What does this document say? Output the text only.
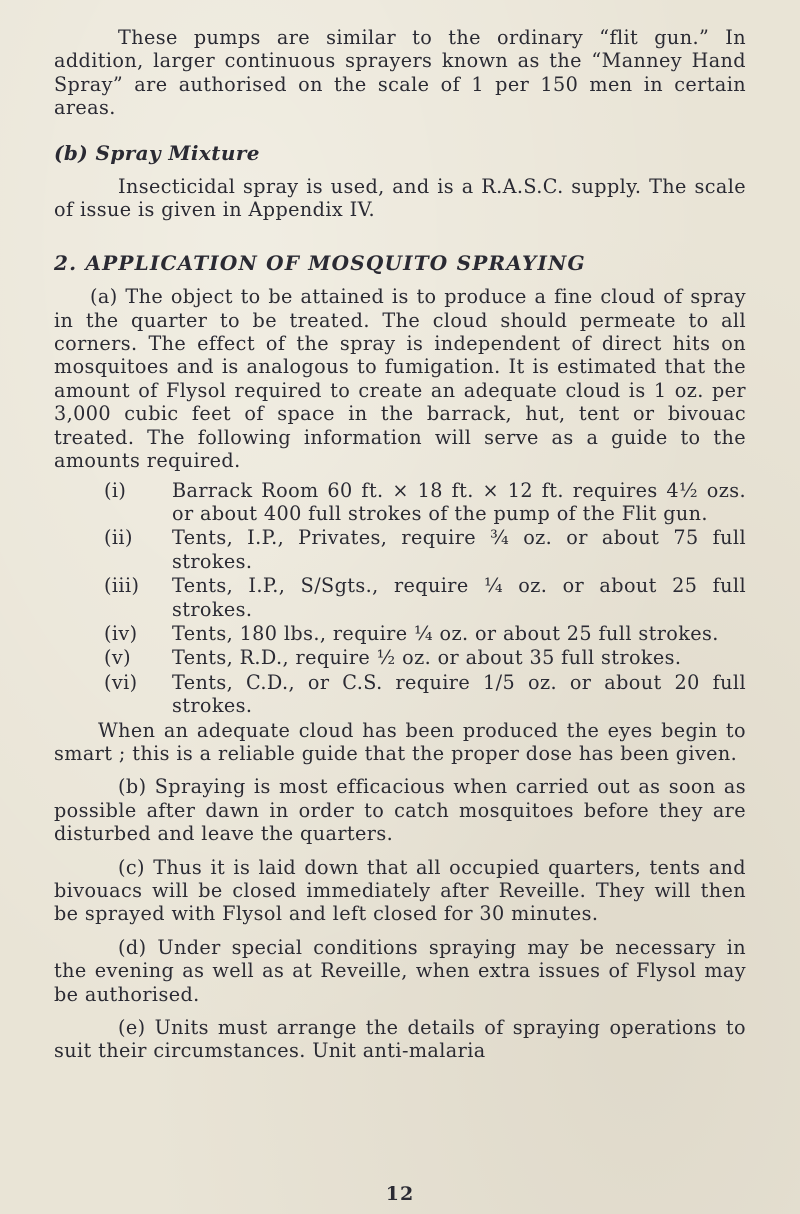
These pumps are similar to the ordinary “flit gun.” In addition, larger continuous sprayers known as the “Manney Hand Spray” are authorised on the scale of 1 per 150 men in certain areas.

(b) Spray Mixture

Insecticidal spray is used, and is a R.A.S.C. supply. The scale of issue is given in Appendix IV.

2. APPLICATION OF MOSQUITO SPRAYING

(a) The object to be attained is to produce a fine cloud of spray in the quarter to be treated. The cloud should permeate to all corners. The effect of the spray is independent of direct hits on mosquitoes and is analogous to fumigation. It is estimated that the amount of Flysol required to create an adequate cloud is 1 oz. per 3,000 cubic feet of space in the barrack, hut, tent or bivouac treated. The following information will serve as a guide to the amounts required.

(i) Barrack Room 60 ft. × 18 ft. × 12 ft. requires 4½ ozs. or about 400 full strokes of the pump of the Flit gun.
(ii) Tents, I.P., Privates, require ¾ oz. or about 75 full strokes.
(iii) Tents, I.P., S/Sgts., require ¼ oz. or about 25 full strokes.
(iv) Tents, 180 lbs., require ¼ oz. or about 25 full strokes.
(v) Tents, R.D., require ½ oz. or about 35 full strokes.
(vi) Tents, C.D., or C.S. require 1/5 oz. or about 20 full strokes.

When an adequate cloud has been produced the eyes begin to smart ; this is a reliable guide that the proper dose has been given.

(b) Spraying is most efficacious when carried out as soon as possible after dawn in order to catch mosquitoes before they are disturbed and leave the quarters.

(c) Thus it is laid down that all occupied quarters, tents and bivouacs will be closed immediately after Reveille. They will then be sprayed with Flysol and left closed for 30 minutes.

(d) Under special conditions spraying may be necessary in the evening as well as at Reveille, when extra issues of Flysol may be authorised.

(e) Units must arrange the details of spraying operations to suit their circumstances. Unit anti-malaria

12
